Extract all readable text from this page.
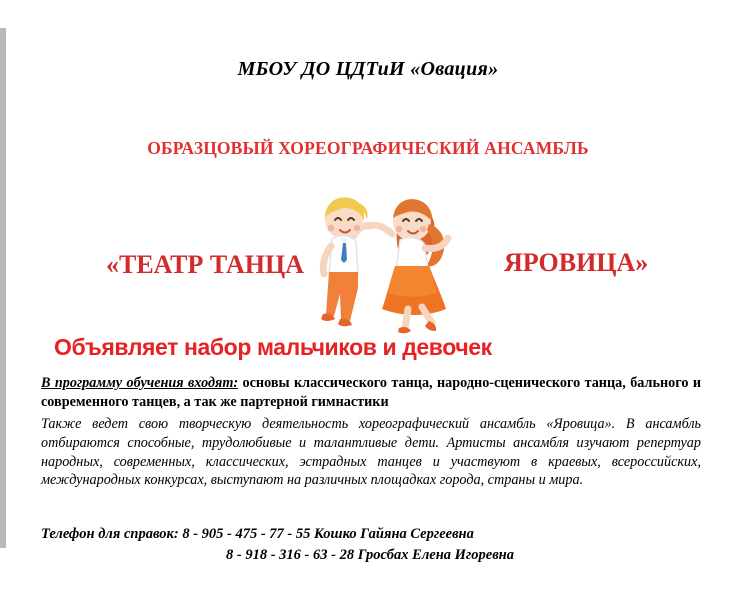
МБОУ ДО ЦДТиИ «Овация»
ОБРАЗЦОВЫЙ ХОРЕОГРАФИЧЕСКИЙ АНСАМБЛЬ
«ТЕАТР ТАНЦА	ЯРОВИЦА»
Объявляет набор мальчиков и девочек

В программу обучения входят: основы классического танца, народно-сценического танца, бального и современного танцев, а так же партерной гимнастики

Также ведет свою творческую деятельность хореографический ансамбль «Яровица». В ансамбль отбираются способные, трудолюбивые и талантливые дети. Артисты ансамбля изучают репертуар народных, современных, классических, эстрадных танцев и участвуют в краевых, всероссийских, международных конкурсах, выступают на различных площадках города, страны и мира.

Телефон для справок: 8 - 905 - 475 - 77 - 55 Кошко Гайяна Сергеевна
8 - 918 - 316 - 63 - 28 Гросбах Елена Игоревна
